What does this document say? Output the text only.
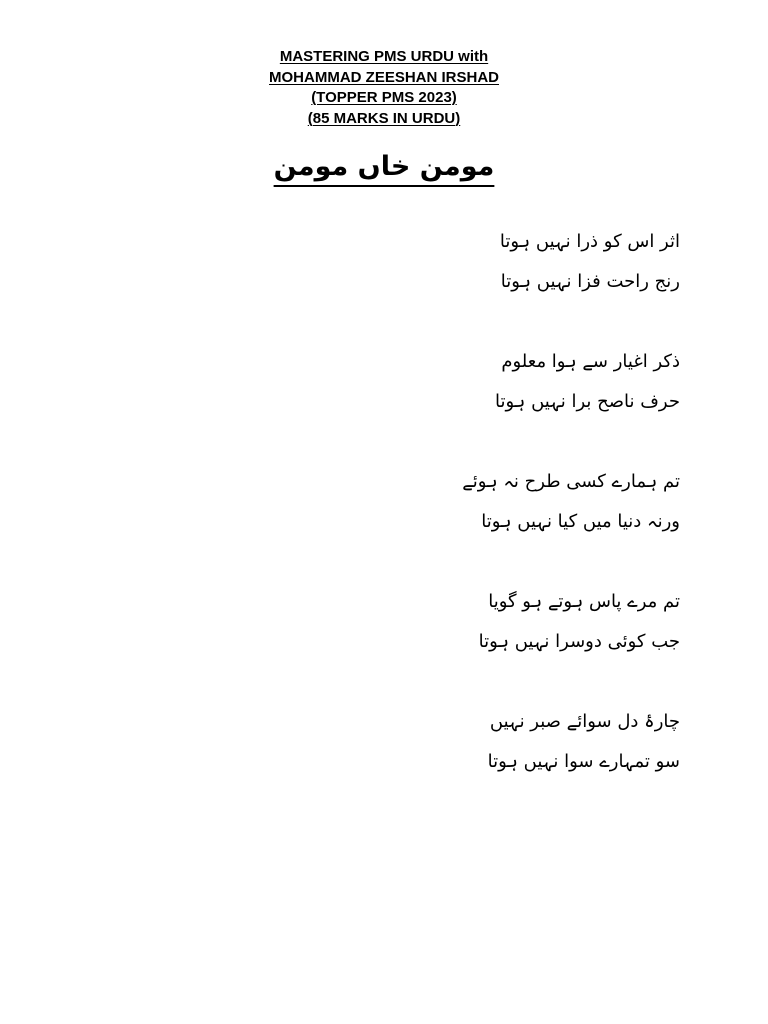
MASTERING PMS URDU with
MOHAMMAD ZEESHAN IRSHAD
(TOPPER PMS 2023)
(85 MARKS IN URDU)
مومن خاں مومن
اثر اس کو ذرا نہیں ہوتا
رنج راحت فزا نہیں ہوتا
ذکر اغیار سے ہوا معلوم
حرف ناصح برا نہیں ہوتا
تم ہمارے کسی طرح نہ ہوئے
ورنہ دنیا میں کیا نہیں ہوتا
تم مرے پاس ہوتے ہو گویا
جب کوئی دوسرا نہیں ہوتا
چارۂ دل سوائے صبر نہیں
سو تمہارے سوا نہیں ہوتا
